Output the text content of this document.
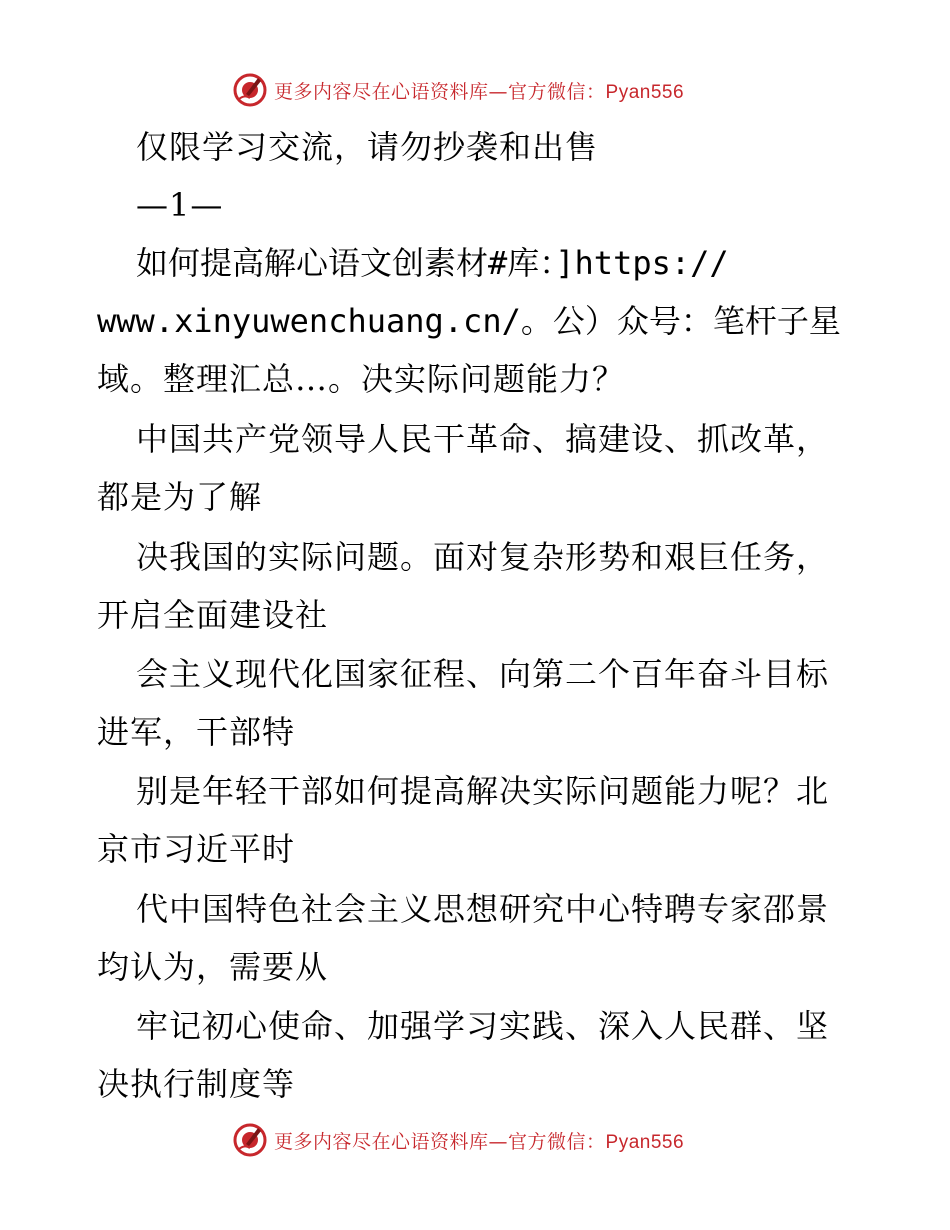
更多内容尽在心语资料库—官方微信：Pyan556
仅限学习交流，请勿抄袭和出售
—1—
如何提高解心语文创素材#库：]https://
www.xinyuwenchuang.cn/。公）众号：笔杆子星
域。整理汇总…。决实际问题能力？
中国共产党领导人民干革命、搞建设、抓改革，
都是为了解
决我国的实际问题。面对复杂形势和艰巨任务，
开启全面建设社
会主义现代化国家征程、向第二个百年奋斗目标
进军，干部特
别是年轻干部如何提高解决实际问题能力呢？北
京市习近平时
代中国特色社会主义思想研究中心特聘专家邵景
均认为，需要从
牢记初心使命、加强学习实践、深入人民群、坚
决执行制度等
更多内容尽在心语资料库—官方微信：Pyan556
